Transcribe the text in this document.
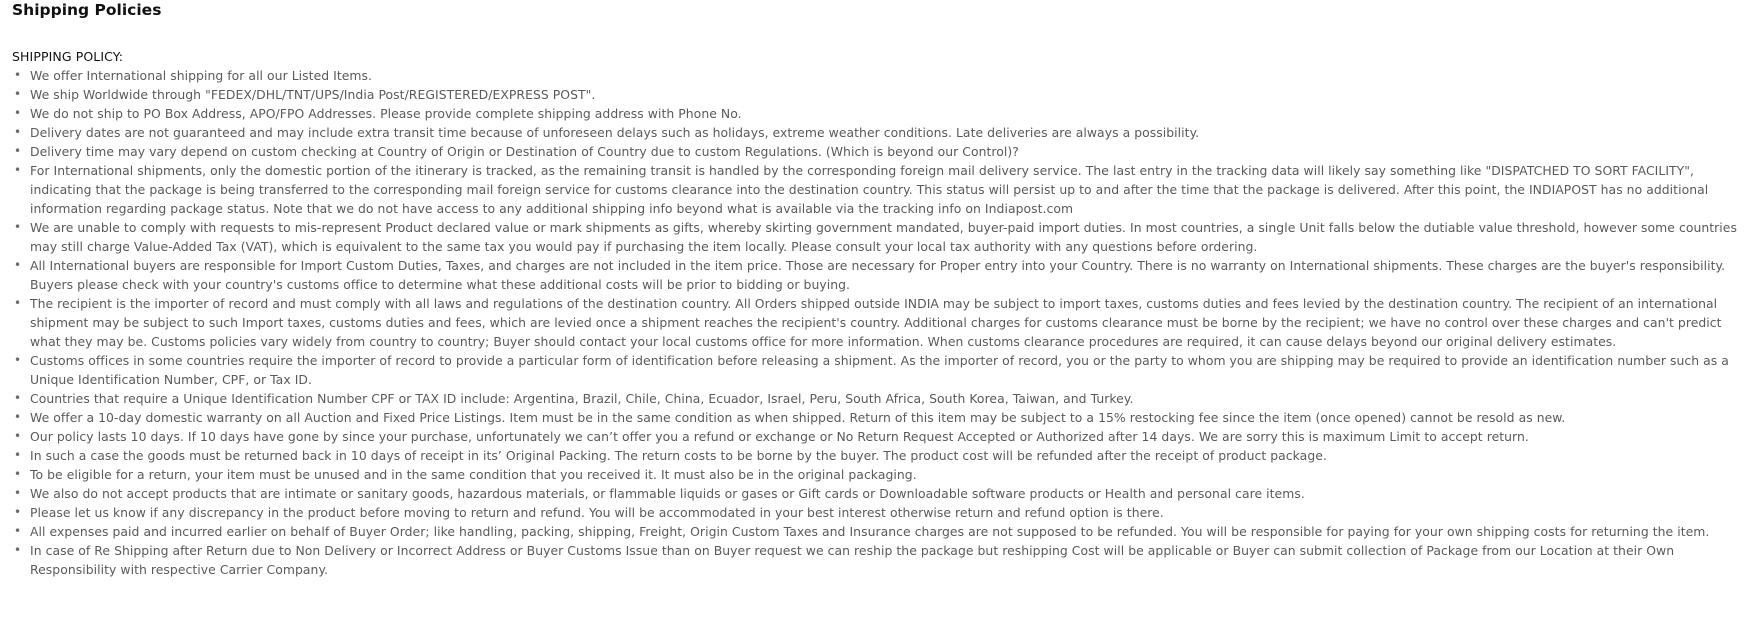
Shipping Policies
SHIPPING POLICY:
• We offer International shipping for all our Listed Items.
• We ship Worldwide through "FEDEX/DHL/TNT/UPS/India Post/REGISTERED/EXPRESS POST".
• We do not ship to PO Box Address, APO/FPO Addresses. Please provide complete shipping address with Phone No.
• Delivery dates are not guaranteed and may include extra transit time because of unforeseen delays such as holidays, extreme weather conditions. Late deliveries are always a possibility.
• Delivery time may vary depend on custom checking at Country of Origin or Destination of Country due to custom Regulations. (Which is beyond our Control)?
• For International shipments, only the domestic portion of the itinerary is tracked, as the remaining transit is handled by the corresponding foreign mail delivery service. The last entry in the tracking data will likely say something like "DISPATCHED TO SORT FACILITY", indicating that the package is being transferred to the corresponding mail foreign service for customs clearance into the destination country. This status will persist up to and after the time that the package is delivered. After this point, the INDIAPOST has no additional information regarding package status. Note that we do not have access to any additional shipping info beyond what is available via the tracking info on Indiapost.com
• We are unable to comply with requests to mis-represent Product declared value or mark shipments as gifts, whereby skirting government mandated, buyer-paid import duties. In most countries, a single Unit falls below the dutiable value threshold, however some countries may still charge Value-Added Tax (VAT), which is equivalent to the same tax you would pay if purchasing the item locally. Please consult your local tax authority with any questions before ordering.
• All International buyers are responsible for Import Custom Duties, Taxes, and charges are not included in the item price. Those are necessary for Proper entry into your Country. There is no warranty on International shipments. These charges are the buyer's responsibility. Buyers please check with your country's customs office to determine what these additional costs will be prior to bidding or buying.
• The recipient is the importer of record and must comply with all laws and regulations of the destination country. All Orders shipped outside INDIA may be subject to import taxes, customs duties and fees levied by the destination country. The recipient of an international shipment may be subject to such Import taxes, customs duties and fees, which are levied once a shipment reaches the recipient's country. Additional charges for customs clearance must be borne by the recipient; we have no control over these charges and can't predict what they may be. Customs policies vary widely from country to country; Buyer should contact your local customs office for more information. When customs clearance procedures are required, it can cause delays beyond our original delivery estimates.
• Customs offices in some countries require the importer of record to provide a particular form of identification before releasing a shipment. As the importer of record, you or the party to whom you are shipping may be required to provide an identification number such as a Unique Identification Number, CPF, or Tax ID.
• Countries that require a Unique Identification Number CPF or TAX ID include: Argentina, Brazil, Chile, China, Ecuador, Israel, Peru, South Africa, South Korea, Taiwan, and Turkey.
• We offer a 10-day domestic warranty on all Auction and Fixed Price Listings. Item must be in the same condition as when shipped. Return of this item may be subject to a 15% restocking fee since the item (once opened) cannot be resold as new.
• Our policy lasts 10 days. If 10 days have gone by since your purchase, unfortunately we can’t offer you a refund or exchange or No Return Request Accepted or Authorized after 14 days. We are sorry this is maximum Limit to accept return.
• In such a case the goods must be returned back in 10 days of receipt in its’ Original Packing. The return costs to be borne by the buyer. The product cost will be refunded after the receipt of product package.
• To be eligible for a return, your item must be unused and in the same condition that you received it. It must also be in the original packaging.
• We also do not accept products that are intimate or sanitary goods, hazardous materials, or flammable liquids or gases or Gift cards or Downloadable software products or Health and personal care items.
• Please let us know if any discrepancy in the product before moving to return and refund. You will be accommodated in your best interest otherwise return and refund option is there.
• All expenses paid and incurred earlier on behalf of Buyer Order; like handling, packing, shipping, Freight, Origin Custom Taxes and Insurance charges are not supposed to be refunded. You will be responsible for paying for your own shipping costs for returning the item.
• In case of Re Shipping after Return due to Non Delivery or Incorrect Address or Buyer Customs Issue than on Buyer request we can reship the package but reshipping Cost will be applicable or Buyer can submit collection of Package from our Location at their Own Responsibility with respective Carrier Company.
